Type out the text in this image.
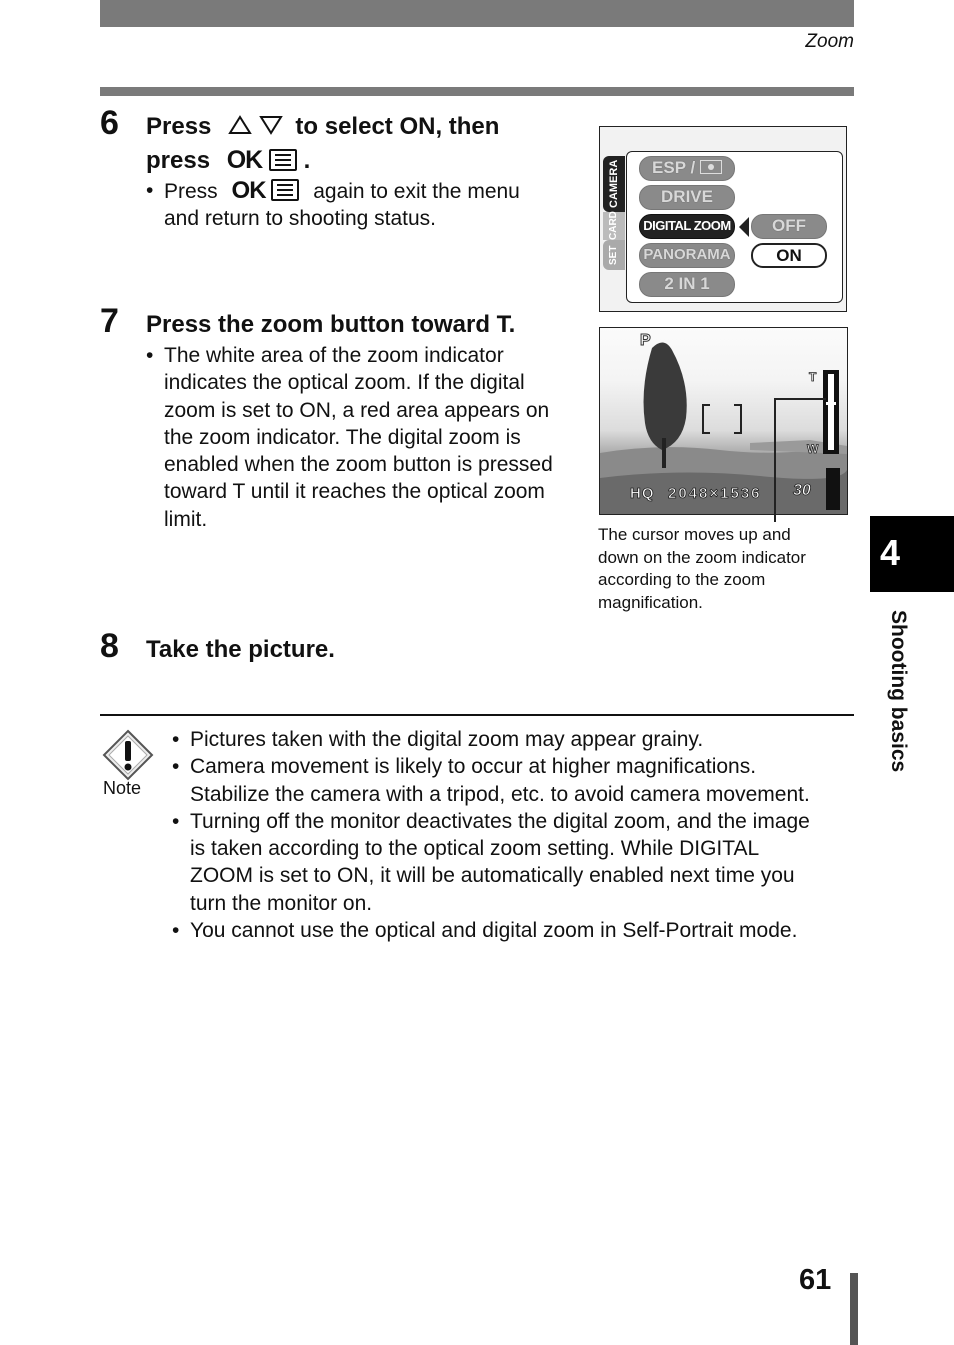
Zoom
6 Press	to select ON, then
press OK .
• Press OK again to exit the menu
and return to shooting status.
CAMERA
SET
CARD
ESP /
DRIVE
DIGITAL ZOOM
PANORAMA
2 IN 1
OFF
ON
7 Press the zoom button toward T.
• The white area of the zoom indicator
indicates the optical zoom. If the digital
zoom is set to ON, a red area appears on
the zoom indicator. The digital zoom is
enabled when the zoom button is pressed
toward T until it reaches the optical zoom
limit.
P
T
W
HQ 2048×1536 30
The cursor moves up and
down on the zoom indicator
according to the zoom
magnification.
4
Shooting basics
8 Take the picture.
Note
• Pictures taken with the digital zoom may appear grainy.
• Camera movement is likely to occur at higher magnifications.
Stabilize the camera with a tripod, etc. to avoid camera movement.
• Turning off the monitor deactivates the digital zoom, and the image
is taken according to the optical zoom setting. While DIGITAL
ZOOM is set to ON, it will be automatically enabled next time you
turn the monitor on.
• You cannot use the optical and digital zoom in Self-Portrait mode.
61
